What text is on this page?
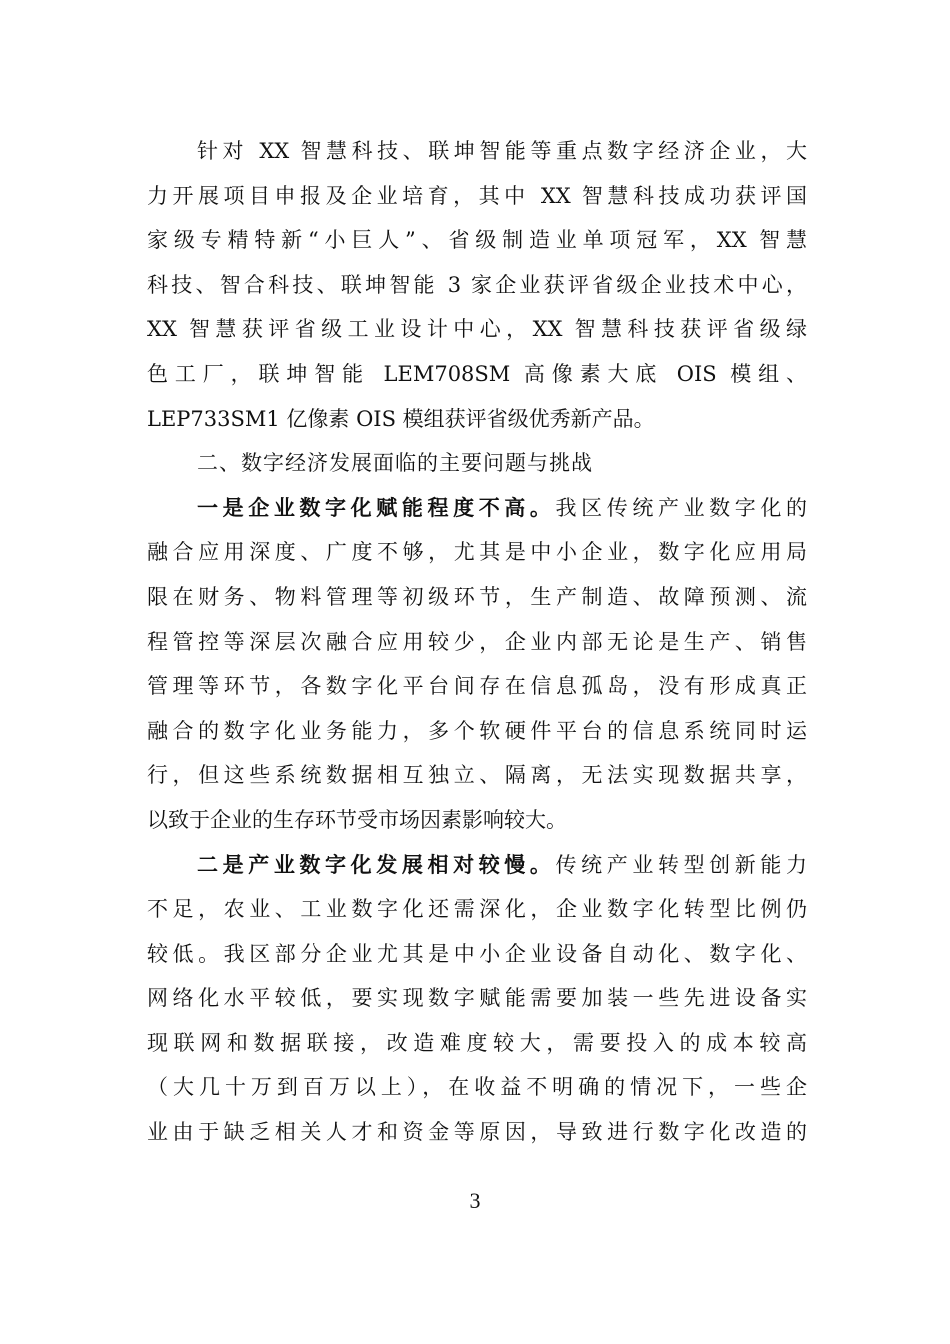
针对 XX 智慧科技、联坤智能等重点数字经济企业，大
力开展项目申报及企业培育，其中 XX 智慧科技成功获评国
家级专精特新“小巨人”、省级制造业单项冠军，XX 智慧
科技、智合科技、联坤智能 3 家企业获评省级企业技术中心，
XX 智慧获评省级工业设计中心，XX 智慧科技获评省级绿
色工厂，联坤智能 LEM708SM 高像素大底 OIS 模组、
LEP733SM1 亿像素 OIS 模组获评省级优秀新产品。
二、数字经济发展面临的主要问题与挑战
一是企业数字化赋能程度不高。我区传统产业数字化的
融合应用深度、广度不够，尤其是中小企业，数字化应用局
限在财务、物料管理等初级环节，生产制造、故障预测、流
程管控等深层次融合应用较少，企业内部无论是生产、销售
管理等环节，各数字化平台间存在信息孤岛，没有形成真正
融合的数字化业务能力，多个软硬件平台的信息系统同时运
行，但这些系统数据相互独立、隔离，无法实现数据共享，
以致于企业的生存环节受市场因素影响较大。
二是产业数字化发展相对较慢。传统产业转型创新能力
不足，农业、工业数字化还需深化，企业数字化转型比例仍
较低。我区部分企业尤其是中小企业设备自动化、数字化、
网络化水平较低，要实现数字赋能需要加装一些先进设备实
现联网和数据联接，改造难度较大，需要投入的成本较高
（大几十万到百万以上），在收益不明确的情况下，一些企
业由于缺乏相关人才和资金等原因，导致进行数字化改造的
3
